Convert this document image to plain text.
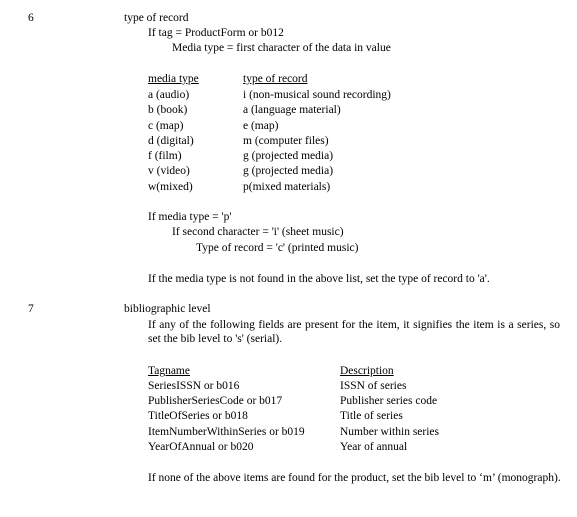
6	type of record
If tag = ProductForm or b012
Media type = first character of the data in value
media type	type of record
a (audio)	i (non-musical sound recording)
b (book)	a (language material)
c (map)	e (map)
d (digital)	m (computer files)
f (film)	g (projected media)
v (video)	g (projected media)
w(mixed)	p(mixed materials)
If media type = 'p'
If second character = 'i' (sheet music)
Type of record = 'c' (printed music)
If the media type is not found in the above list, set the type of record to 'a'.
7	bibliographic level
If any of the following fields are present for the item, it signifies the item is a series, so set the bib level to 's' (serial).
Tagname	Description
SeriesISSN or b016	ISSN of series
PublisherSeriesCode or b017	Publisher series code
TitleOfSeries or b018	Title of series
ItemNumberWithinSeries or b019	Number within series
YearOfAnnual or b020	Year of annual
If none of the above items are found for the product, set the bib level to ‘m’ (monograph).
